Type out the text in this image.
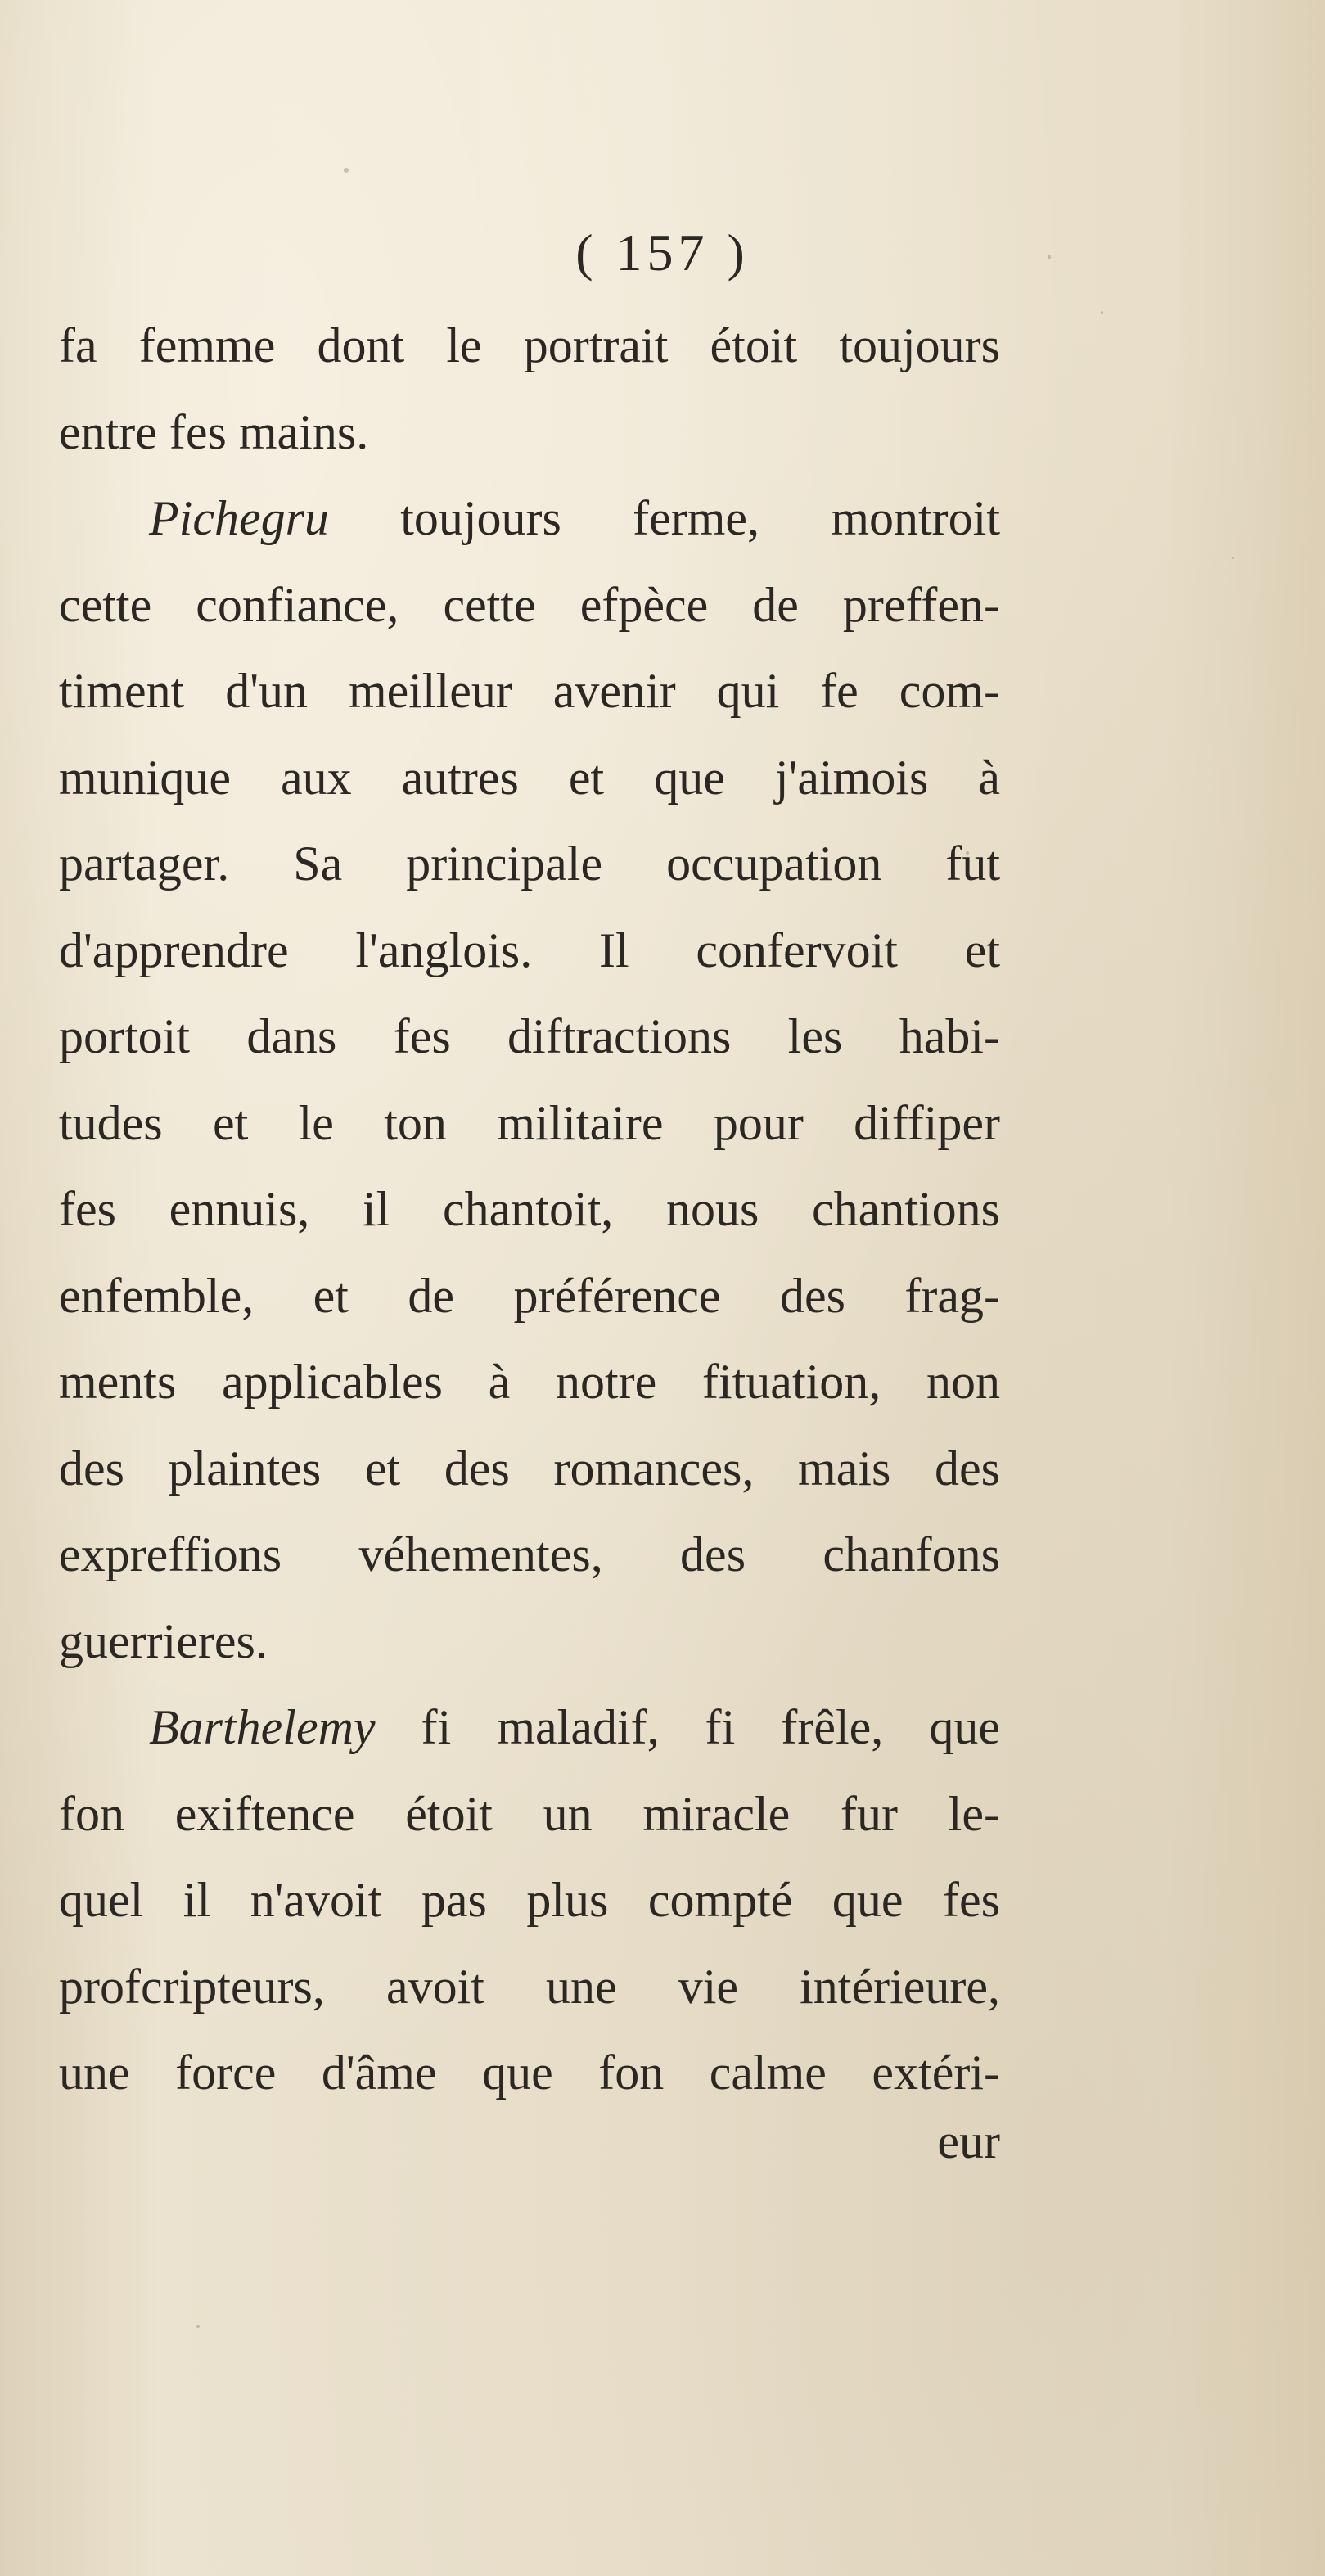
( 157 )
fa femme dont le portrait étoit toujours
entre fes mains.
Pichegru toujours ferme, montroit
cette confiance, cette efpèce de preffen-
timent d'un meilleur avenir qui fe com-
munique aux autres et que j'aimois à
partager. Sa principale occupation fut
d'apprendre l'anglois. Il confervoit et
portoit dans fes diftractions les habi-
tudes et le ton militaire pour diffiper
fes ennuis, il chantoit, nous chantions
enfemble, et de préférence des frag-
ments applicables à notre fituation, non
des plaintes et des romances, mais des
expreffions véhementes, des chanfons
guerrieres.
Barthelemy fi maladif, fi frêle, que
fon exiftence étoit un miracle fur le-
quel il n'avoit pas plus compté que fes
profcripteurs, avoit une vie intérieure,
une force d'âme que fon calme extéri-
eur
